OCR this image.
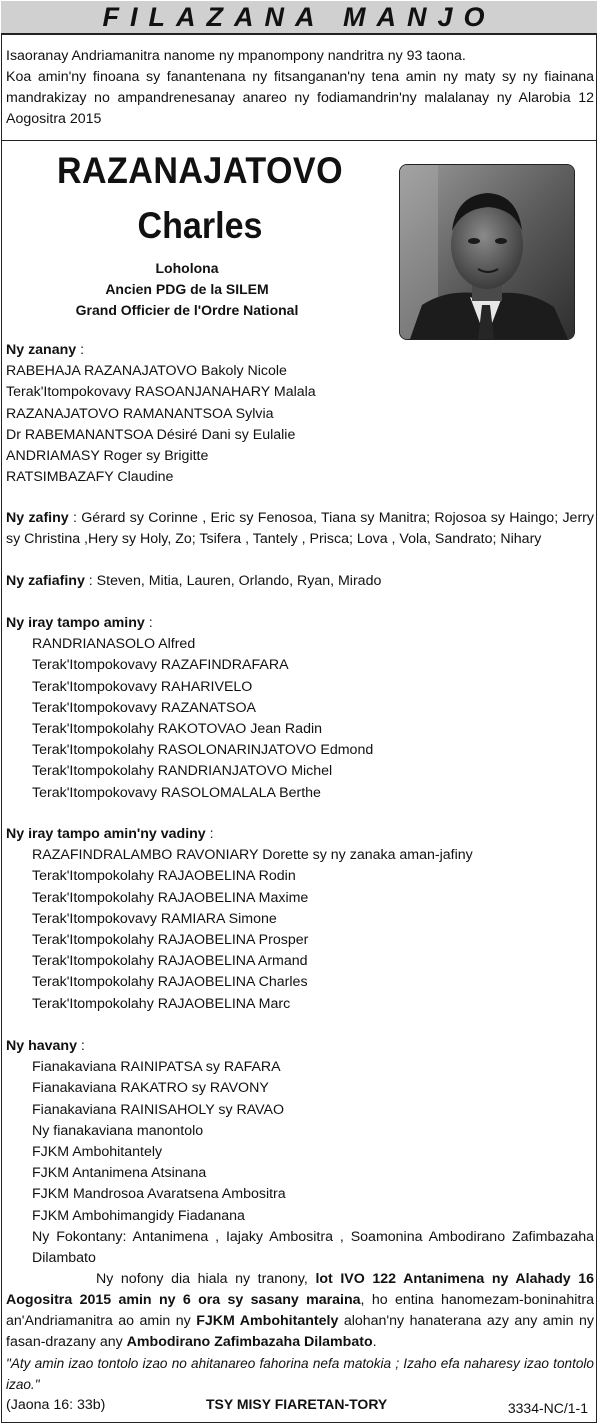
FILAZANA MANJO

Isaoranay Andriamanitra nanome ny mpanompony nandritra ny 93 taona.

Koa amin'ny finoana sy fanantenana ny fitsanganan'ny tena amin ny maty sy ny fiainana mandrakizay no ampandrenesanay anareo ny fodiamandrin'ny malalanay ny Alarobia 12 Aogositra 2015

RAZANAJATOVO
Charles
Loholona
Ancien PDG de la SILEM
Grand Officier de l'Ordre National
Ny zanany :
RABEHAJA RAZANAJATOVO Bakoly Nicole
Terak'Itompokovavy RASOANJANAHARY Malala
RAZANAJATOVO RAMANANTSOA Sylvia
Dr RABEMANANTSOA Désiré Dani sy Eulalie
ANDRIAMASY Roger sy Brigitte
RATSIMBAZAFY Claudine
Ny zafiny : Gérard sy Corinne , Eric sy Fenosoa, Tiana sy Manitra; Rojosoa sy Haingo; Jerry sy Christina ,Hery sy Holy, Zo; Tsifera , Tantely , Prisca; Lova , Vola, Sandrato; Nihary
Ny zafiafiny : Steven, Mitia, Lauren, Orlando, Ryan, Mirado
Ny iray tampo aminy :
RANDRIANASOLO Alfred
Terak'Itompokovavy RAZAFINDRAFARA
Terak'Itompokovavy RAHARIVELO
Terak'Itompokovavy RAZANATSOA
Terak'Itompokolahy RAKOTOVAO Jean Radin
Terak'Itompokolahy RASOLONARINJATOVO Edmond
Terak'Itompokolahy RANDRIANJATOVO Michel
Terak'Itompokovavy RASOLOMALALA Berthe
Ny iray tampo amin'ny vadiny :
RAZAFINDRALAMBO RAVONIARY Dorette sy ny zanaka aman-jafiny
Terak'Itompokolahy RAJAOBELINA Rodin
Terak'Itompokolahy RAJAOBELINA Maxime
Terak'Itompokovavy RAMIARA Simone
Terak'Itompokolahy RAJAOBELINA Prosper
Terak'Itompokolahy RAJAOBELINA Armand
Terak'Itompokolahy RAJAOBELINA Charles
Terak'Itompokolahy RAJAOBELINA Marc
Ny havany :
Fianakaviana RAINIPATSA sy RAFARA
Fianakaviana RAKATRO sy RAVONY
Fianakaviana RAINISAHOLY sy RAVAO
Ny fianakaviana manontolo
FJKM Ambohitantely
FJKM Antanimena Atsinana
FJKM Mandrosoa Avaratsena Ambositra
FJKM Ambohimangidy Fiadanana
Ny Fokontany: Antanimena , Iajaky Ambositra , Soamonina Ambodirano Zafimbazaha Dilambato
Ny nofony dia hiala ny tranony, lot IVO 122 Antanimena ny Alahady 16 Aogositra 2015 amin ny 6 ora sy sasany maraina, ho entina hanomezam-boninahitra an'Andriamanitra ao amin ny FJKM Ambohitantely alohan'ny hanaterana azy any amin ny fasan-drazany any Ambodirano Zafimbazaha Dilambato.
"Aty amin izao tontolo izao no ahitanareo fahorina nefa matokia ; Izaho efa naharesy izao tontolo izao."
(Jaona 16: 33b)	TSY MISY FIARETAN-TORY	3334-NC/1-1
